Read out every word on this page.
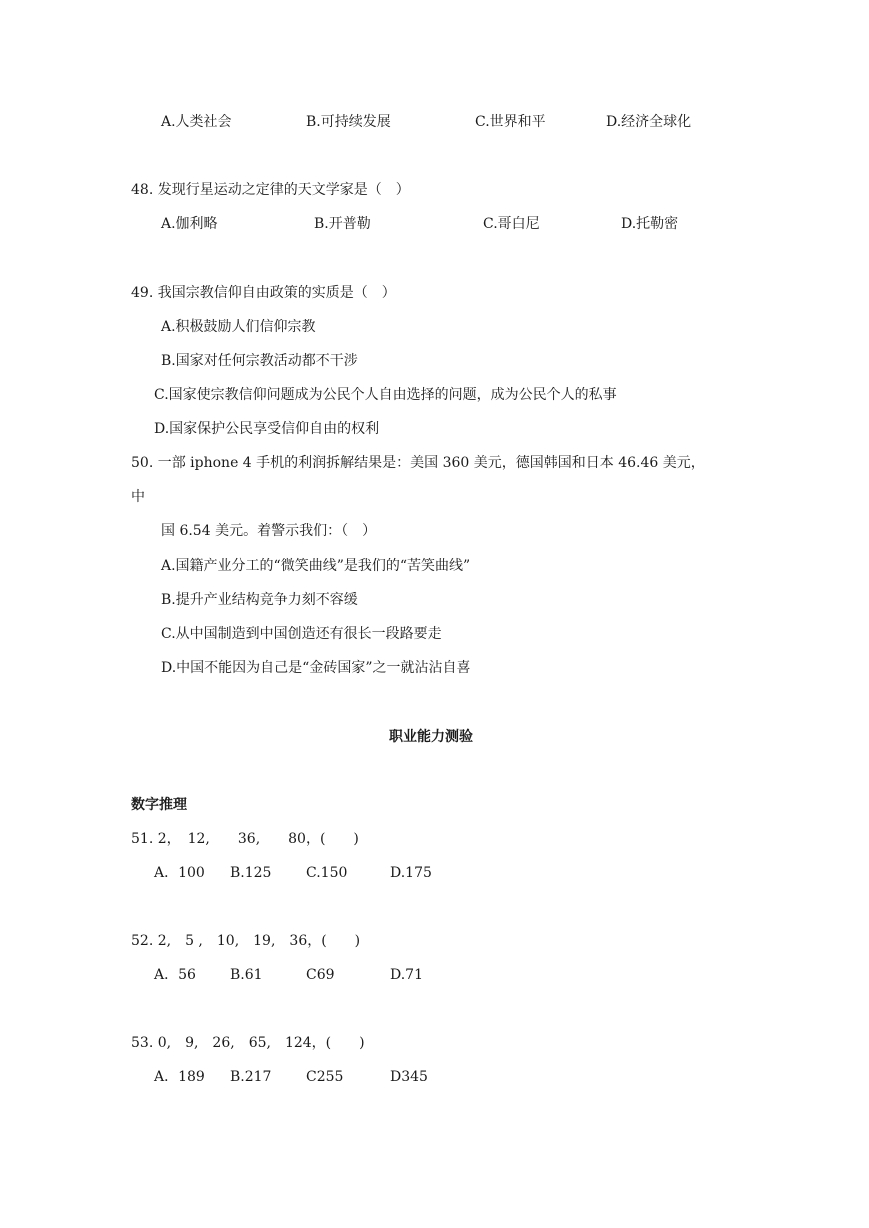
A.人类社会	B.可持续发展	C.世界和平	D.经济全球化
48. 发现行星运动之定律的天文学家是（　）
A.伽利略	B.开普勒	C.哥白尼	D.托勒密
49. 我国宗教信仰自由政策的实质是（　）
A.积极鼓励人们信仰宗教
B.国家对任何宗教活动都不干涉
C.国家使宗教信仰问题成为公民个人自由选择的问题，成为公民个人的私事
D.国家保护公民享受信仰自由的权利
50. 一部 iphone 4 手机的利润拆解结果是：美国 360 美元，德国韩国和日本 46.46 美元，
中
国 6.54 美元。着警示我们：（　）
A.国籍产业分工的“微笑曲线”是我们的“苦笑曲线”
B.提升产业结构竞争力刻不容缓
C.从中国制造到中国创造还有很长一段路要走
D.中国不能因为自己是“金砖国家”之一就沾沾自喜
职业能力测验
数字推理
51. 2，　12,　　36,　　80，(　　)
A．100 B.125 C.150	D.175
52. 2,　5 ,　10,　19,　36，(　　)
A．56 B.61	C69	D.71
53. 0,　9,　26,　65,　124，(　　)
A．189 B.217 C255	D345
